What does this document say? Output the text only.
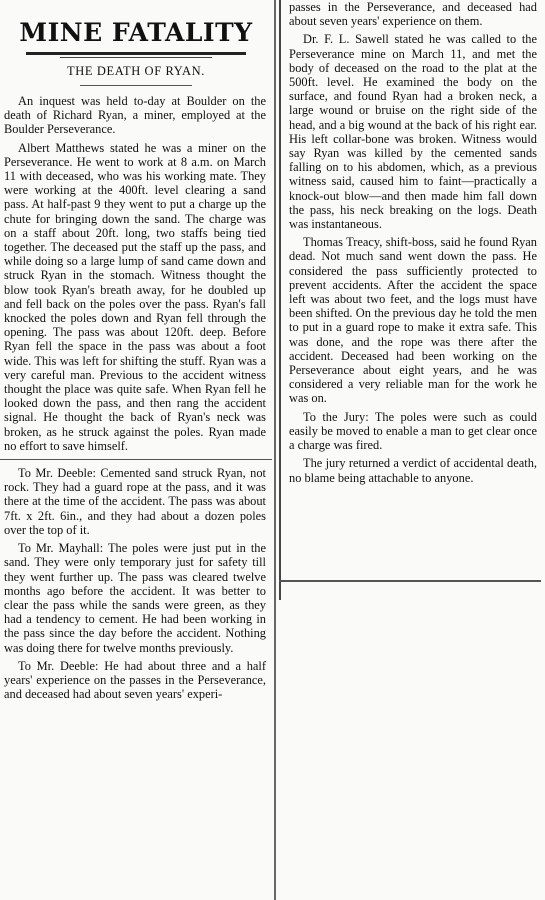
MINE FATALITY
THE DEATH OF RYAN.

An inquest was held to-day at Boulder on the death of Richard Ryan, a miner, employed at the Boulder Perseverance.

Albert Matthews stated he was a miner on the Perseverance. He went to work at 8 a.m. on March 11 with deceased, who was his working mate. They were working at the 400ft. level clearing a sand pass. At half-past 9 they went to put a charge up the chute for bringing down the sand. The charge was on a staff about 20ft. long, two staffs being tied together. The deceased put the staff up the pass, and while doing so a large lump of sand came down and struck Ryan in the stomach. Witness thought the blow took Ryan's breath away, for he doubled up and fell back on the poles over the pass. Ryan's fall knocked the poles down and Ryan fell through the opening. The pass was about 120ft. deep. Before Ryan fell the space in the pass was about a foot wide. This was left for shifting the stuff. Ryan was a very careful man. Previous to the accident witness thought the place was quite safe. When Ryan fell he looked down the pass, and then rang the accident signal. He thought the back of Ryan's neck was broken, as he struck against the poles. Ryan made no effort to save himself.

To Mr. Deeble: Cemented sand struck Ryan, not rock. They had a guard rope at the pass, and it was there at the time of the accident. The pass was about 7ft. x 2ft. 6in., and they had about a dozen poles over the top of it.

To Mr. Mayhall: The poles were just put in the sand. They were only temporary just for safety till they went further up. The pass was cleared twelve months ago before the accident. It was better to clear the pass while the sands were green, as they had a tendency to cement. He had been working in the pass since the day before the accident. Nothing was doing there for twelve months previously.

To Mr. Deeble: He had about three and a half years' experience on the passes in the Perseverance, and deceased had about seven years' experi-

passes in the Perseverance, and deceased had about seven years' experience on them.

Dr. F. L. Sawell stated he was called to the Perseverance mine on March 11, and met the body of deceased on the road to the plat at the 500ft. level. He examined the body on the surface, and found Ryan had a broken neck, a large wound or bruise on the right side of the head, and a big wound at the back of his right ear. His left collar-bone was broken. Witness would say Ryan was killed by the cemented sands falling on to his abdomen, which, as a previous witness said, caused him to faint—practically a knock-out blow—and then made him fall down the pass, his neck breaking on the logs. Death was instantaneous.

Thomas Treacy, shift-boss, said he found Ryan dead. Not much sand went down the pass. He considered the pass sufficiently protected to prevent accidents. After the accident the space left was about two feet, and the logs must have been shifted. On the previous day he told the men to put in a guard rope to make it extra safe. This was done, and the rope was there after the accident. Deceased had been working on the Perseverance about eight years, and he was considered a very reliable man for the work he was on.

To the Jury: The poles were such as could easily be moved to enable a man to get clear once a charge was fired.

The jury returned a verdict of accidental death, no blame being attachable to anyone.
